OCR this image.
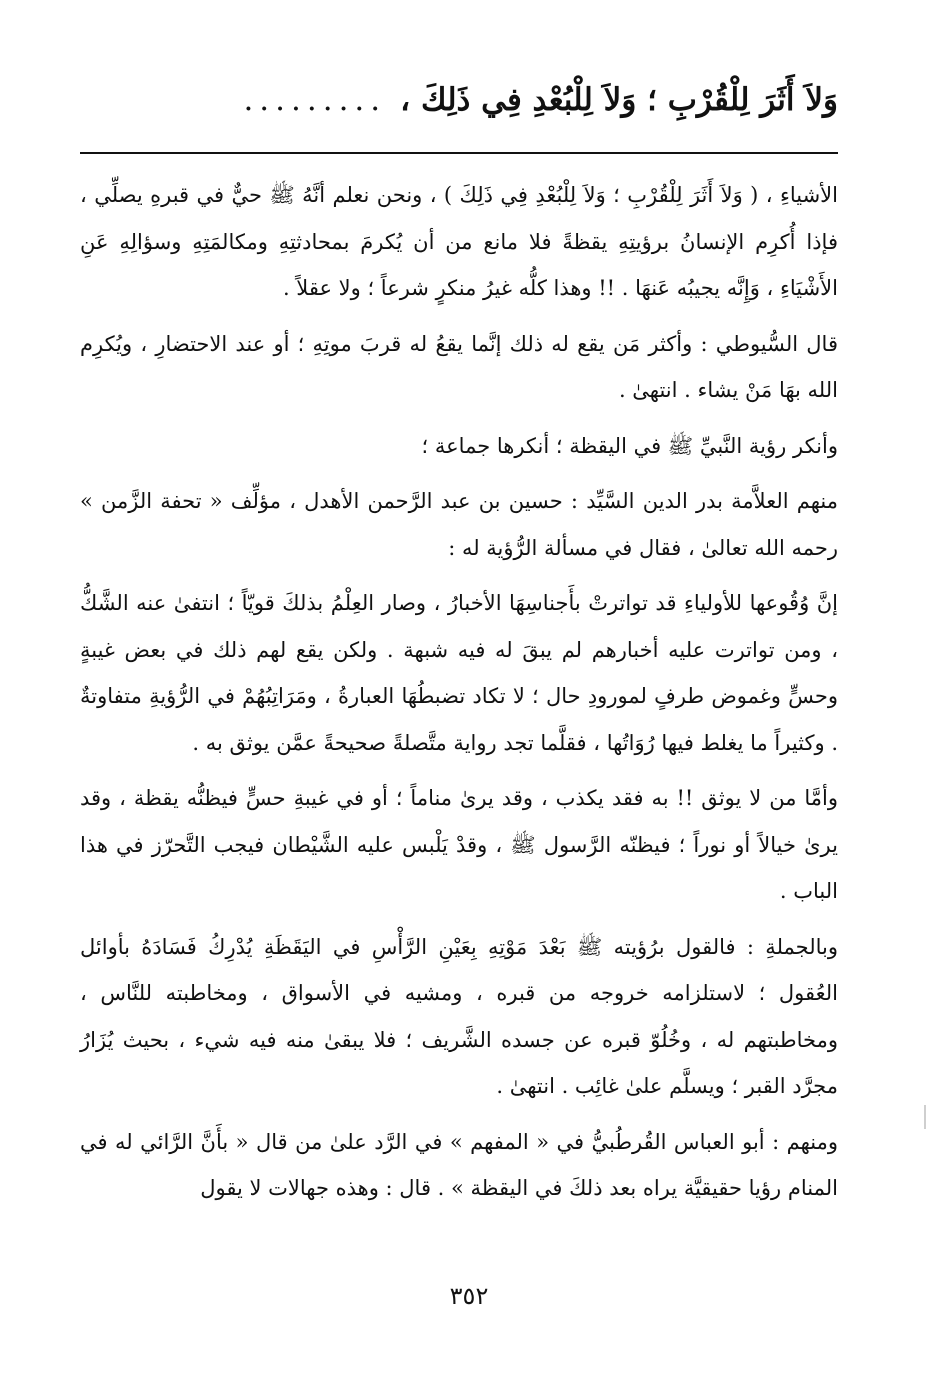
وَلاَ أَثَرَ لِلْقُرْبِ ؛ وَلاَ لِلْبُعْدِ فِي ذَلِكَ ،
.........

الأشياءِ ، ( وَلاَ أَثَرَ لِلْقُرْبِ ؛ وَلاَ لِلْبُعْدِ فِي ذَلِكَ ) ، ونحن نعلم أنَّهُ ﷺ حيٌّ في قبرهِ يصلِّي ، فإذا أُكرِم الإنسانُ برؤيتِهِ يقظةً فلا مانع من أن يُكرمَ بمحادثتِهِ ومكالمَتِهِ وسؤالِهِ عَنِ الأَشْيَاءِ ، وَإِنَّه يجيبُه عَنهَا . !! وهذا كلُّه غيرُ منكرٍ شرعاً ؛ ولا عقلاً .

قال السُّيوطي : وأكثر مَن يقع له ذلك إنَّما يقعُ له قربَ موتِهِ ؛ أو عند الاحتضارِ ، ويُكرِم الله بهَا مَنْ يشاء . انتهىٰ .

وأنكر رؤية النَّبيِّ ﷺ في اليقظة ؛ أنكرها جماعة ؛

منهم العلاَّمة بدر الدين السَّيِّد : حسين بن عبد الرَّحمن الأهدل ، مؤلِّف « تحفة الزَّمن » رحمه الله تعالىٰ ، فقال في مسألة الرُّؤية له :

إنَّ وُقُوعها للأولياءِ قد تواترتْ بأَجناسِهَا الأخبارُ ، وصار العِلْمُ بذلكَ قويّاً ؛ انتفىٰ عنه الشَّكُّ ، ومن تواترت عليه أخبارهم لم يبقَ له فيه شبهة . ولكن يقع لهم ذلك في بعض غيبةٍ وحسٍّ وغموض طرفٍ لمورودِ حال ؛ لا تكاد تضبطُهَا العبارةُ ، ومَرَاتِبُهُمْ في الرُّؤيةِ متفاوتةٌ . وكثيراً ما يغلط فيها رُوَاتُها ، فقلَّما تجد رواية متَّصلةً صحيحةً عمَّن يوثق به .

وأمَّا من لا يوثق !! به فقد يكذب ، وقد يرىٰ مناماً ؛ أو في غيبةِ حسٍّ فيظنُّه يقظة ، وقد يرىٰ خيالاً أو نوراً ؛ فيظنّه الرَّسول ﷺ ، وقدْ يَلْبس عليه الشَّيْطان فيجب التَّحرّز في هذا الباب .

وبالجملةِ : فالقول برُؤيته ﷺ بَعْدَ مَوْتِهِ بِعَيْنِ الرَّأْسِ في اليَقَظَةِ يُدْرِكُ فَسَادَهُ بأوائل العُقول ؛ لاستلزامه خروجه من قبره ، ومشيه في الأسواق ، ومخاطبته للنَّاس ، ومخاطبتهم له ، وخُلُوّ قبره عن جسده الشَّريف ؛ فلا يبقىٰ منه فيه شيء ، بحيث يُزَارُ مجرَّد القبر ؛ ويسلَّم علىٰ غائِب . انتهىٰ .

ومنهم : أبو العباس القُرطُبيُّ في « المفهم » في الرَّد علىٰ من قال « بأَنَّ الرَّائي له في المنام رؤيا حقيقيَّة يراه بعد ذلكَ في اليقظة » . قال : وهذه جهالات لا يقول

٣٥٢
